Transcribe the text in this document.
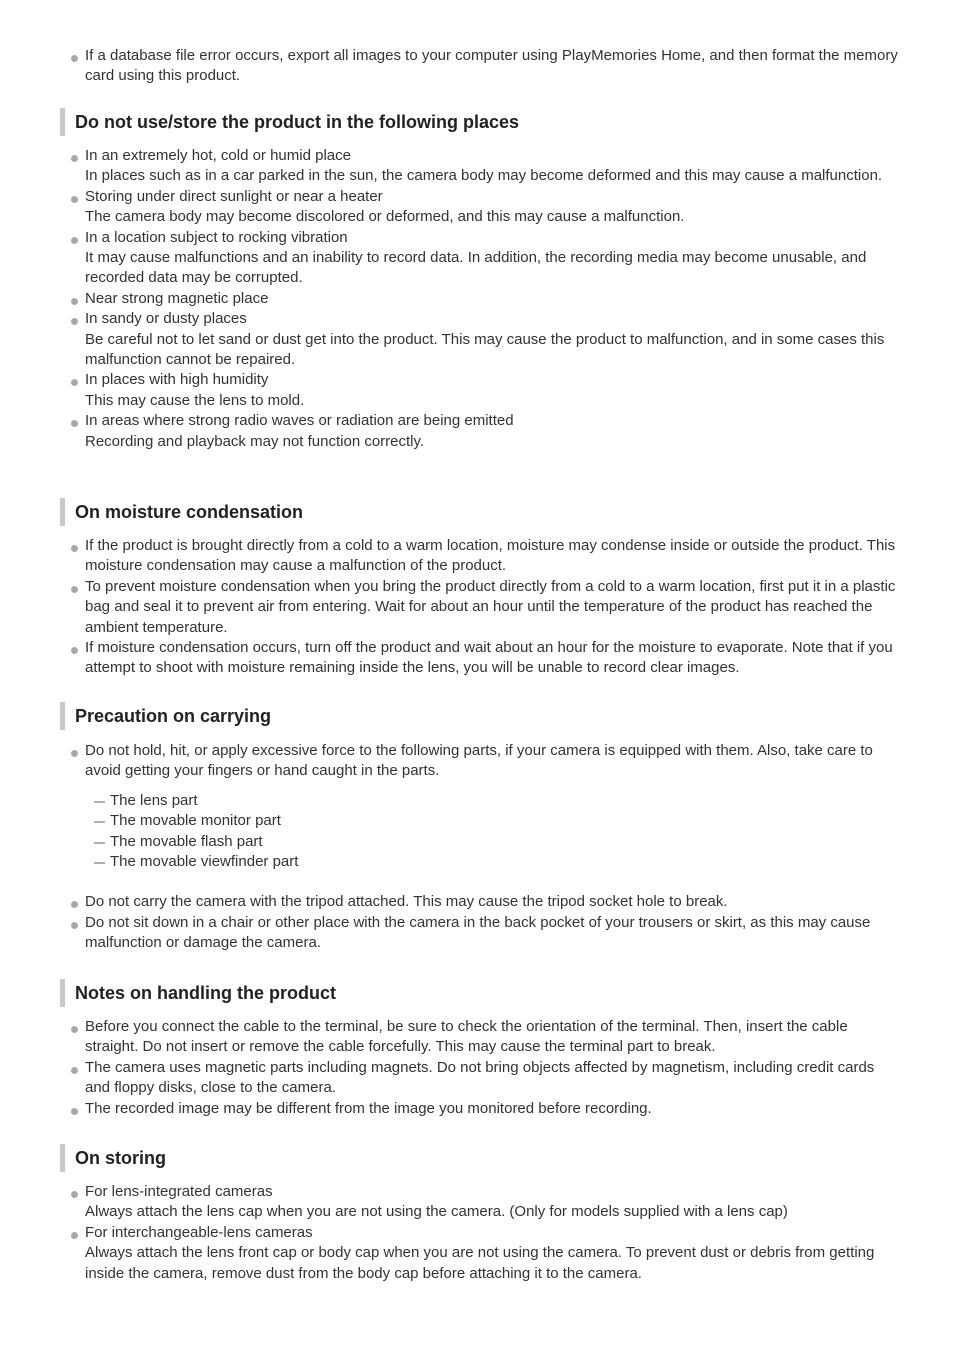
If a database file error occurs, export all images to your computer using PlayMemories Home, and then format the memory card using this product.
Do not use/store the product in the following places
In an extremely hot, cold or humid place
In places such as in a car parked in the sun, the camera body may become deformed and this may cause a malfunction.
Storing under direct sunlight or near a heater
The camera body may become discolored or deformed, and this may cause a malfunction.
In a location subject to rocking vibration
It may cause malfunctions and an inability to record data. In addition, the recording media may become unusable, and recorded data may be corrupted.
Near strong magnetic place
In sandy or dusty places
Be careful not to let sand or dust get into the product. This may cause the product to malfunction, and in some cases this malfunction cannot be repaired.
In places with high humidity
This may cause the lens to mold.
In areas where strong radio waves or radiation are being emitted
Recording and playback may not function correctly.
On moisture condensation
If the product is brought directly from a cold to a warm location, moisture may condense inside or outside the product. This moisture condensation may cause a malfunction of the product.
To prevent moisture condensation when you bring the product directly from a cold to a warm location, first put it in a plastic bag and seal it to prevent air from entering. Wait for about an hour until the temperature of the product has reached the ambient temperature.
If moisture condensation occurs, turn off the product and wait about an hour for the moisture to evaporate. Note that if you attempt to shoot with moisture remaining inside the lens, you will be unable to record clear images.
Precaution on carrying
Do not hold, hit, or apply excessive force to the following parts, if your camera is equipped with them. Also, take care to avoid getting your fingers or hand caught in the parts.
The lens part
The movable monitor part
The movable flash part
The movable viewfinder part
Do not carry the camera with the tripod attached. This may cause the tripod socket hole to break.
Do not sit down in a chair or other place with the camera in the back pocket of your trousers or skirt, as this may cause malfunction or damage the camera.
Notes on handling the product
Before you connect the cable to the terminal, be sure to check the orientation of the terminal. Then, insert the cable straight. Do not insert or remove the cable forcefully. This may cause the terminal part to break.
The camera uses magnetic parts including magnets. Do not bring objects affected by magnetism, including credit cards and floppy disks, close to the camera.
The recorded image may be different from the image you monitored before recording.
On storing
For lens-integrated cameras
Always attach the lens cap when you are not using the camera. (Only for models supplied with a lens cap)
For interchangeable-lens cameras
Always attach the lens front cap or body cap when you are not using the camera. To prevent dust or debris from getting inside the camera, remove dust from the body cap before attaching it to the camera.
